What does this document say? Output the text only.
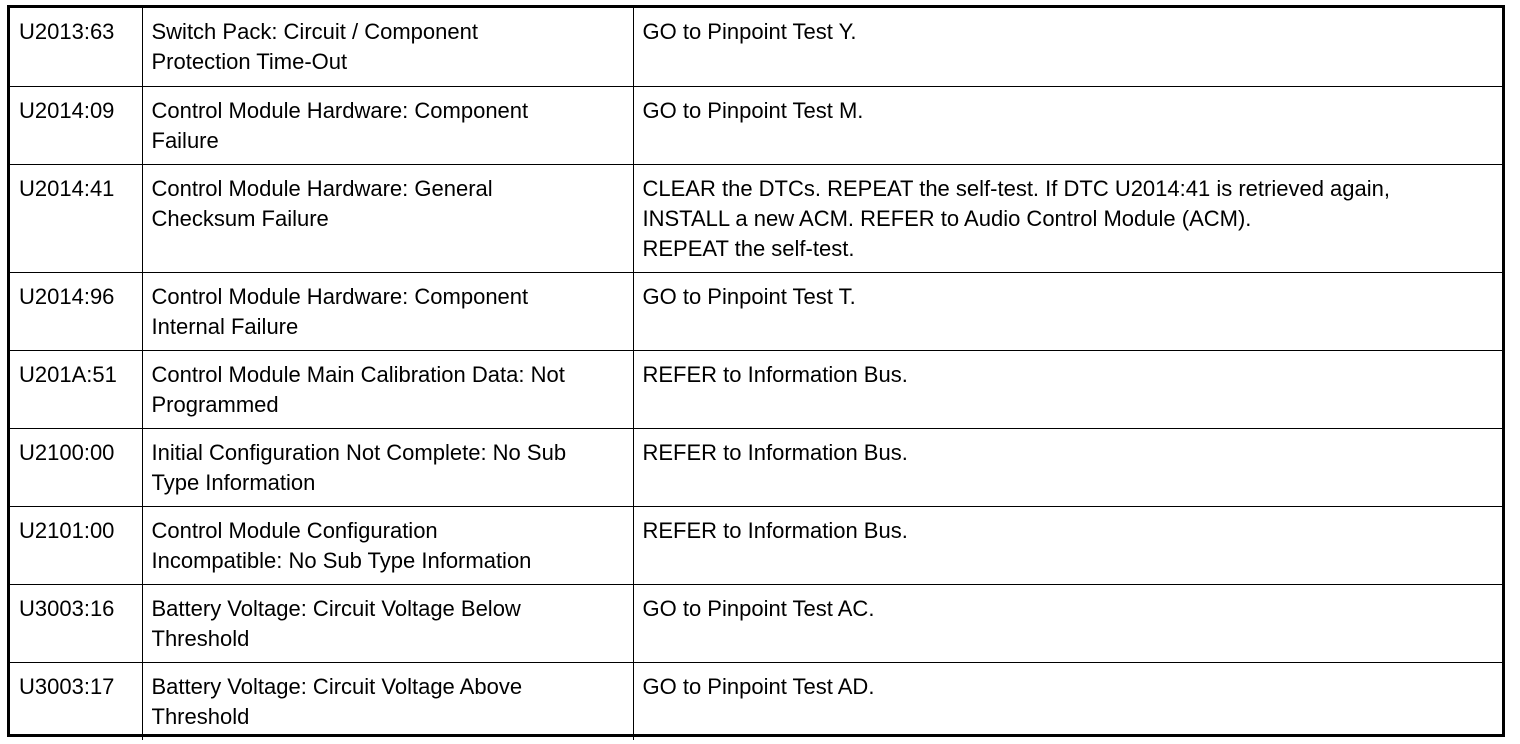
U2013:63	Switch Pack: Circuit / Component
Protection Time-Out	GO to Pinpoint Test Y.

U2014:09	Control Module Hardware: Component
Failure	GO to Pinpoint Test M.

U2014:41	Control Module Hardware: General
Checksum Failure	CLEAR the DTCs. REPEAT the self-test. If DTC U2014:41 is retrieved again,
INSTALL a new ACM. REFER to Audio Control Module (ACM).
REPEAT the self-test.

U2014:96	Control Module Hardware: Component
Internal Failure	GO to Pinpoint Test T.

U201A:51	Control Module Main Calibration Data: Not
Programmed	REFER to Information Bus.

U2100:00	Initial Configuration Not Complete: No Sub
Type Information	REFER to Information Bus.

U2101:00	Control Module Configuration
Incompatible: No Sub Type Information	REFER to Information Bus.

U3003:16	Battery Voltage: Circuit Voltage Below
Threshold	GO to Pinpoint Test AC.

U3003:17	Battery Voltage: Circuit Voltage Above
Threshold	GO to Pinpoint Test AD.
